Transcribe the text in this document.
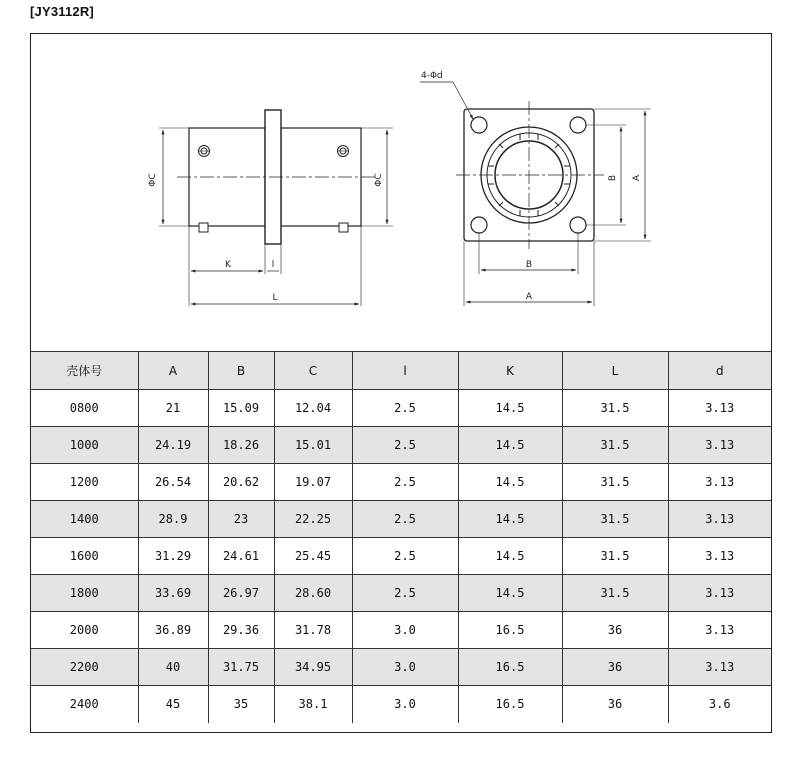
[JY3112R]
ΦC	ΦC
K	l
L
4-Φd
B A
B
A
壳体号	A	B	C	l	K	L	d
0800	21	15.09	12.04	2.5	14.5	31.5	3.13
1000	24.19	18.26	15.01	2.5	14.5	31.5	3.13
1200	26.54	20.62	19.07	2.5	14.5	31.5	3.13
1400	28.9	23	22.25	2.5	14.5	31.5	3.13
1600	31.29	24.61	25.45	2.5	14.5	31.5	3.13
1800	33.69	26.97	28.60	2.5	14.5	31.5	3.13
2000	36.89	29.36	31.78	3.0	16.5	36	3.13
2200	40	31.75	34.95	3.0	16.5	36	3.13
2400	45	35	38.1	3.0	16.5	36	3.6
